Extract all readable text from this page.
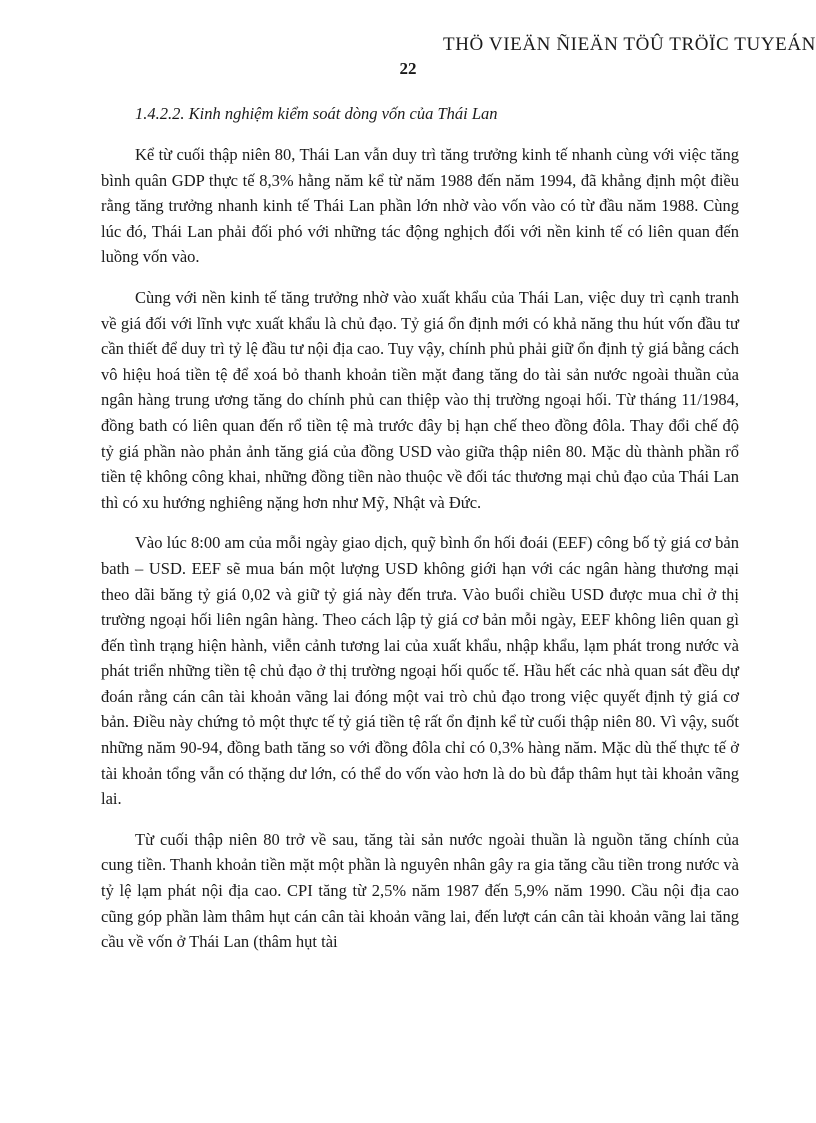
THÖ VIEÄN ÑIEÄN TÖÛ TRÖÏC TUYEÁN
22
1.4.2.2. Kinh nghiệm kiểm soát dòng vốn của Thái Lan

Kể từ cuối thập niên 80, Thái Lan vẫn duy trì tăng trưởng kinh tế nhanh cùng với việc tăng bình quân GDP thực tế 8,3% hằng năm kể từ năm 1988 đến năm 1994, đã khẳng định một điều rằng tăng trưởng nhanh kinh tế Thái Lan phần lớn nhờ vào vốn vào có từ đầu năm 1988. Cùng lúc đó, Thái Lan phải đối phó với những tác động nghịch đối với nền kinh tế có liên quan đến luồng vốn vào.

Cùng với nền kinh tế tăng trưởng nhờ vào xuất khẩu của Thái Lan, việc duy trì cạnh tranh về giá đối với lĩnh vực xuất khẩu là chủ đạo. Tỷ giá ổn định mới có khả năng thu hút vốn đầu tư cần thiết để duy trì tỷ lệ đầu tư nội địa cao. Tuy vậy, chính phủ phải giữ ổn định tỷ giá bằng cách vô hiệu hoá tiền tệ để xoá bỏ thanh khoản tiền mặt đang tăng do tài sản nước ngoài thuần của ngân hàng trung ương tăng do chính phủ can thiệp vào thị trường ngoại hối. Từ tháng 11/1984, đồng bath có liên quan đến rổ tiền tệ mà trước đây bị hạn chế theo đồng đôla. Thay đổi chế độ tỷ giá phần nào phản ảnh tăng giá của đồng USD vào giữa thập niên 80. Mặc dù thành phần rổ tiền tệ không công khai, những đồng tiền nào thuộc về đối tác thương mại chủ đạo của Thái Lan thì có xu hướng nghiêng nặng hơn như Mỹ, Nhật và Đức.

Vào lúc 8:00 am của mỗi ngày giao dịch, quỹ bình ổn hối đoái (EEF) công bố tỷ giá cơ bản bath – USD. EEF sẽ mua bán một lượng USD không giới hạn với các ngân hàng thương mại theo dãi băng tỷ giá 0,02 và giữ tỷ giá này đến trưa. Vào buổi chiều USD được mua chỉ ở thị trường ngoại hối liên ngân hàng. Theo cách lập tỷ giá cơ bản mỗi ngày, EEF không liên quan gì đến tình trạng hiện hành, viễn cảnh tương lai của xuất khẩu, nhập khẩu, lạm phát trong nước và phát triển những tiền tệ chủ đạo ở thị trường ngoại hối quốc tế. Hầu hết các nhà quan sát đều dự đoán rằng cán cân tài khoản vãng lai đóng một vai trò chủ đạo trong việc quyết định tỷ giá cơ bản. Điều này chứng tỏ một thực tế tỷ giá tiền tệ rất ổn định kể từ cuối thập niên 80. Vì vậy, suốt những năm 90-94, đồng bath tăng so với đồng đôla chỉ có 0,3% hàng năm. Mặc dù thế thực tế ở tài khoản tổng vẫn có thặng dư lớn, có thể do vốn vào hơn là do bù đắp thâm hụt tài khoản vãng lai.

Từ cuối thập niên 80 trở về sau, tăng tài sản nước ngoài thuần là nguồn tăng chính của cung tiền. Thanh khoản tiền mặt một phần là nguyên nhân gây ra gia tăng cầu tiền trong nước và tỷ lệ lạm phát nội địa cao. CPI tăng từ 2,5% năm 1987 đến 5,9% năm 1990. Cầu nội địa cao cũng góp phần làm thâm hụt cán cân tài khoản vãng lai, đến lượt cán cân tài khoản vãng lai tăng cầu về vốn ở Thái Lan (thâm hụt tài
